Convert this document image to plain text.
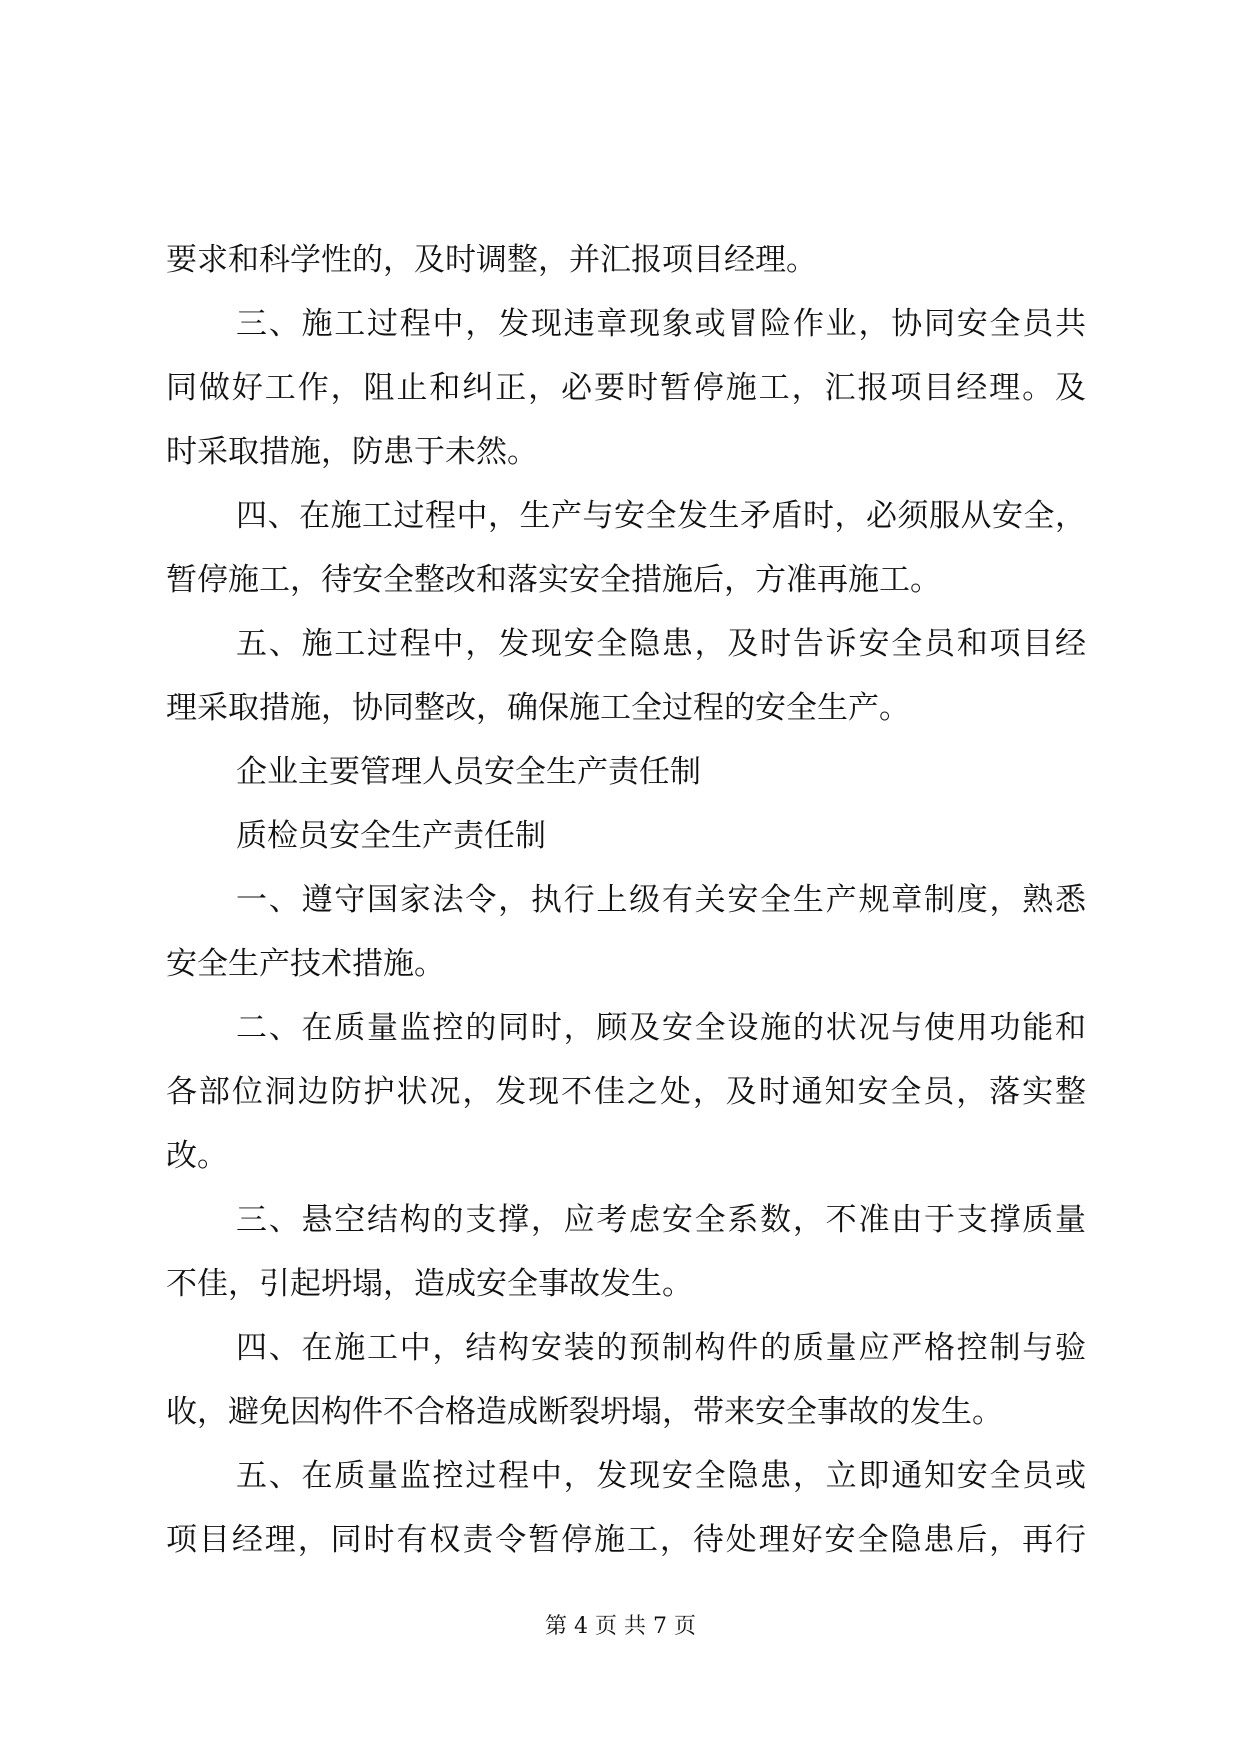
要求和科学性的，及时调整，并汇报项目经理。
三、施工过程中，发现违章现象或冒险作业，协同安全员共
同做好工作，阻止和纠正，必要时暂停施工，汇报项目经理。及
时采取措施，防患于未然。
四、在施工过程中，生产与安全发生矛盾时，必须服从安全，
暂停施工，待安全整改和落实安全措施后，方准再施工。
五、施工过程中，发现安全隐患，及时告诉安全员和项目经
理采取措施，协同整改，确保施工全过程的安全生产。
企业主要管理人员安全生产责任制
质检员安全生产责任制
一、遵守国家法令，执行上级有关安全生产规章制度，熟悉
安全生产技术措施。
二、在质量监控的同时，顾及安全设施的状况与使用功能和
各部位洞边防护状况，发现不佳之处，及时通知安全员，落实整
改。
三、悬空结构的支撑，应考虑安全系数，不准由于支撑质量
不佳，引起坍塌，造成安全事故发生。
四、在施工中，结构安装的预制构件的质量应严格控制与验
收，避免因构件不合格造成断裂坍塌，带来安全事故的发生。
五、在质量监控过程中，发现安全隐患，立即通知安全员或
项目经理，同时有权责令暂停施工，待处理好安全隐患后，再行
第 4 页 共 7 页
